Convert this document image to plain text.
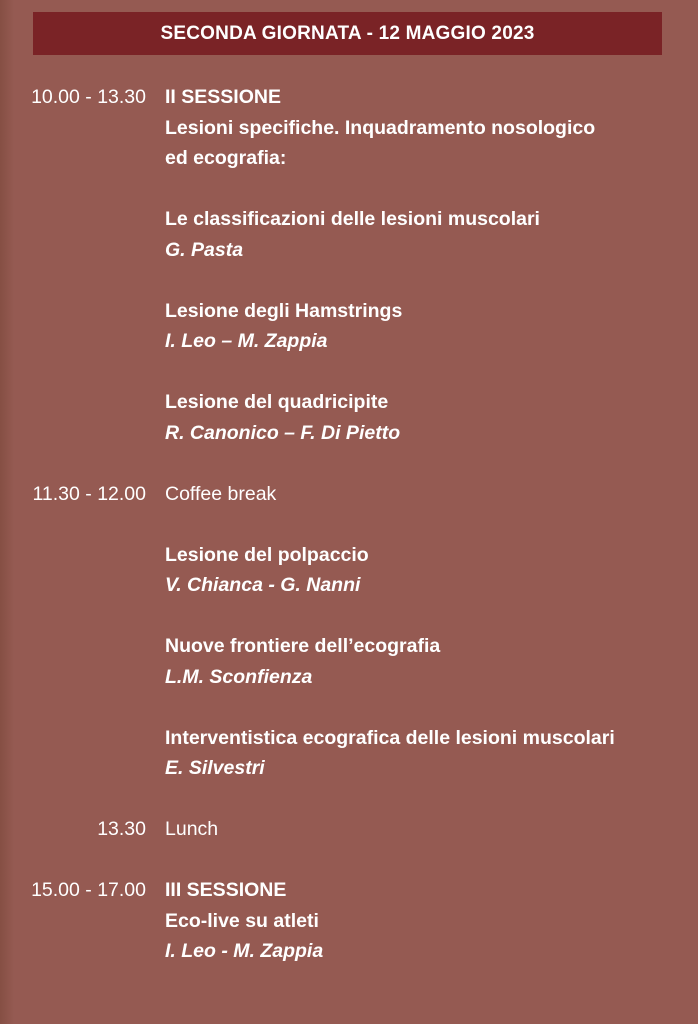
SECONDA GIORNATA - 12 MAGGIO 2023
10.00 - 13.30 II SESSIONE
Lesioni specifiche. Inquadramento nosologico
ed ecografia:
Le classificazioni delle lesioni muscolari
G. Pasta
Lesione degli Hamstrings
I. Leo – M. Zappia
Lesione del quadricipite
R. Canonico – F. Di Pietto
11.30 - 12.00 Coffee break
Lesione del polpaccio
V. Chianca - G. Nanni
Nuove frontiere dell’ecografia
L.M. Sconfienza
Interventistica ecografica delle lesioni muscolari
E. Silvestri
13.30 Lunch
15.00 - 17.00 III SESSIONE
Eco-live su atleti
I. Leo - M. Zappia
